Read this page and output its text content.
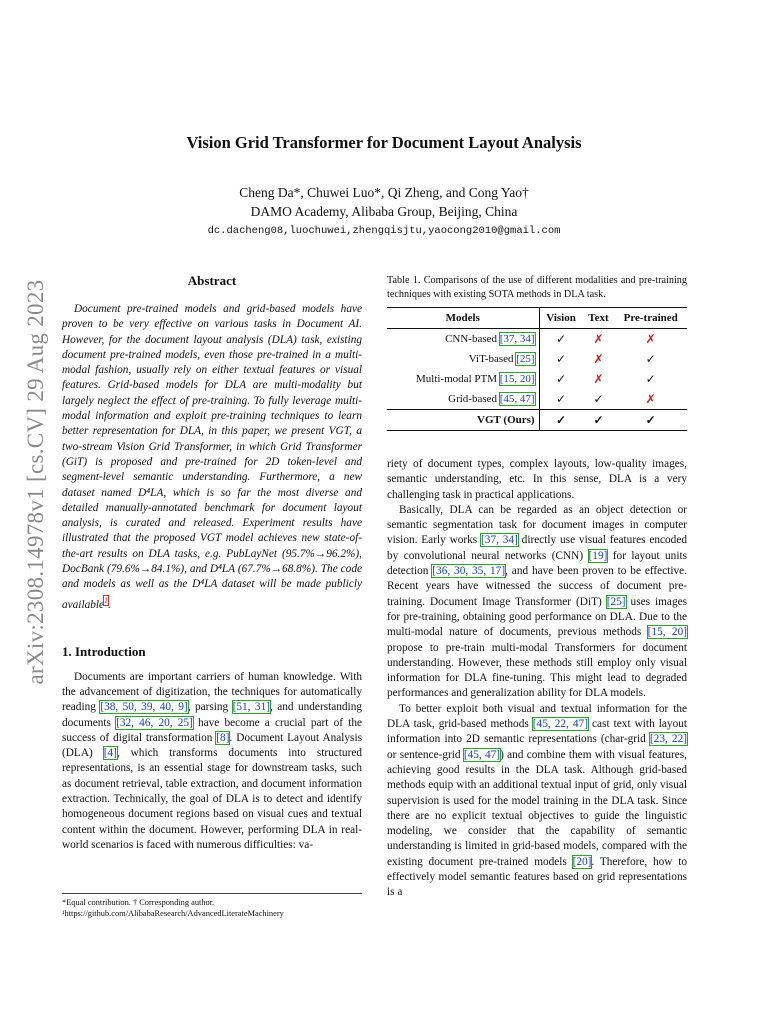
arXiv:2308.14978v1 [cs.CV] 29 Aug 2023
Vision Grid Transformer for Document Layout Analysis
Cheng Da*, Chuwei Luo*, Qi Zheng, and Cong Yao†
DAMO Academy, Alibaba Group, Beijing, China
dc.dacheng08,luochuwei,zhengqisjtu,yaocong2010@gmail.com
Abstract

Document pre-trained models and grid-based models have proven to be very effective on various tasks in Document AI. However, for the document layout analysis (DLA) task, existing document pre-trained models, even those pre-trained in a multi-modal fashion, usually rely on either textual features or visual features. Grid-based models for DLA are multi-modality but largely neglect the effect of pre-training. To fully leverage multi-modal information and exploit pre-training techniques to learn better representation for DLA, in this paper, we present VGT, a two-stream Vision Grid Transformer, in which Grid Transformer (GiT) is proposed and pre-trained for 2D token-level and segment-level semantic understanding. Furthermore, a new dataset named D⁴LA, which is so far the most diverse and detailed manually-annotated benchmark for document layout analysis, is curated and released. Experiment results have illustrated that the proposed VGT model achieves new state-of-the-art results on DLA tasks, e.g. PubLayNet (95.7%→96.2%), DocBank (79.6%→84.1%), and D⁴LA (67.7%→68.8%). The code and models as well as the D⁴LA dataset will be made publicly available$^1$.

1. Introduction

Documents are important carriers of human knowledge. With the advancement of digitization, the techniques for automatically reading [38, 50, 39, 40, 9], parsing [51, 31], and understanding documents [32, 46, 20, 25] have become a crucial part of the success of digital transformation [8]. Document Layout Analysis (DLA) [4], which transforms documents into structured representations, is an essential stage for downstream tasks, such as document retrieval, table extraction, and document information extraction. Technically, the goal of DLA is to detect and identify homogeneous document regions based on visual cues and textual content within the document. However, performing DLA in real-world scenarios is faced with numerous difficulties: va-

*Equal contribution. † Corresponding author.

¹https://github.com/AlibabaResearch/AdvancedLiterateMachinery

Table 1. Comparisons of the use of different modalities and pre-training techniques with existing SOTA methods in DLA task.

Models	Vision	Text	Pre-trained
CNN-based [37, 34]	✓	✗	✗
ViT-based [25]	✓	✗	✓
Multi-modal PTM [15, 20]	✓	✗	✓
Grid-based [45, 47]	✓	✓	✗
VGT (Ours)	✓	✓	✓

riety of document types, complex layouts, low-quality images, semantic understanding, etc. In this sense, DLA is a very challenging task in practical applications.

Basically, DLA can be regarded as an object detection or semantic segmentation task for document images in computer vision. Early works [37, 34] directly use visual features encoded by convolutional neural networks (CNN) [19] for layout units detection [36, 30, 35, 17], and have been proven to be effective. Recent years have witnessed the success of document pre-training. Document Image Transformer (DiT) [25] uses images for pre-training, obtaining good performance on DLA. Due to the multi-modal nature of documents, previous methods [15, 20] propose to pre-train multi-modal Transformers for document understanding. However, these methods still employ only visual information for DLA fine-tuning. This might lead to degraded performances and generalization ability for DLA models.

To better exploit both visual and textual information for the DLA task, grid-based methods [45, 22, 47] cast text with layout information into 2D semantic representations (char-grid [23, 22] or sentence-grid [45, 47]) and combine them with visual features, achieving good results in the DLA task. Although grid-based methods equip with an additional textual input of grid, only visual supervision is used for the model training in the DLA task. Since there are no explicit textual objectives to guide the linguistic modeling, we consider that the capability of semantic understanding is limited in grid-based models, compared with the existing document pre-trained models [20]. Therefore, how to effectively model semantic features based on grid representations is a
